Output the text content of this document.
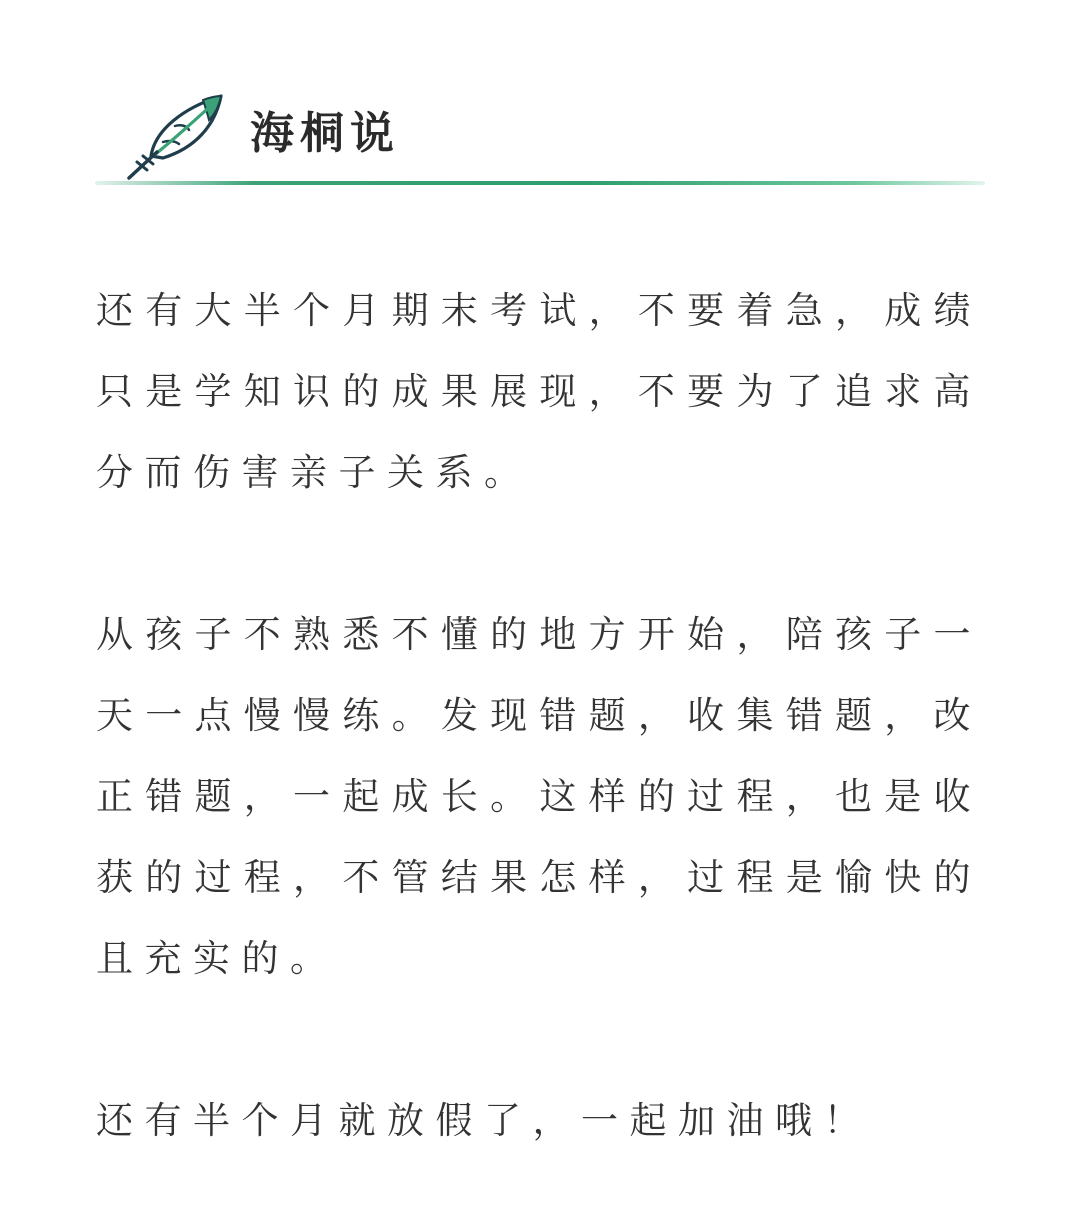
海桐说

还有大半个月期末考试，不要着急，成绩只是学知识的成果展现，不要为了追求高分而伤害亲子关系。

从孩子不熟悉不懂的地方开始，陪孩子一天一点慢慢练。发现错题，收集错题，改正错题，一起成长。这样的过程，也是收获的过程，不管结果怎样，过程是愉快的且充实的。

还有半个月就放假了，一起加油哦！
